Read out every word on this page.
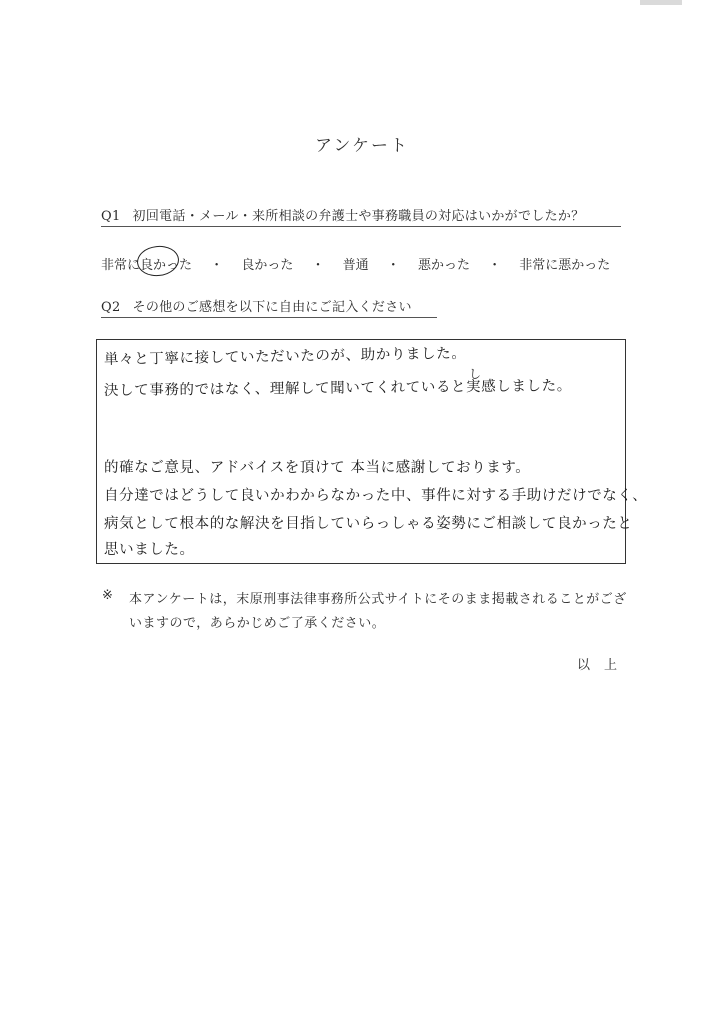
アンケート
Q1 初回電話・メール・来所相談の弁護士や事務職員の対応はいかがでしたか？
非常に良かった ・ 良かった ・ 普通 ・ 悪かった ・ 非常に悪かった
Q2 その他のご感想を以下に自由にご記入ください
単々と丁寧に接していただいたのが、助かりました。
し
決して事務的ではなく、理解して聞いてくれていると実感しました。
的確なご意見、アドバイスを頂けて 本当に感謝しております。
自分達ではどうして良いかわからなかった中、事件に対する手助けだけでなく、
病気として根本的な解決を目指していらっしゃる姿勢にご相談して良かったと
思いました。
※ 本アンケートは，末原刑事法律事務所公式サイトにそのまま掲載されることがございますので，あらかじめご了承ください。
以上
